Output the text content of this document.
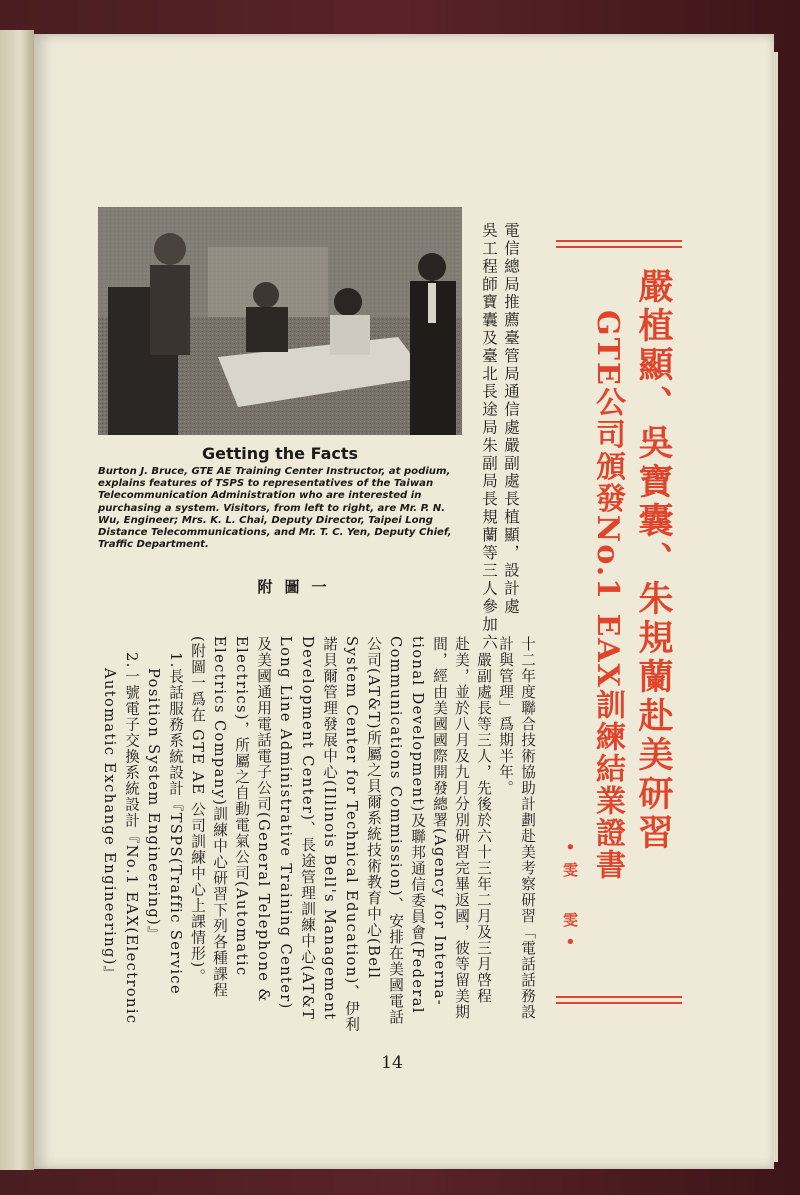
嚴植顯、吳寶囊、朱規蘭赴美研習
GTE公司頒發No.1 EAX訓練結業證書
•雯　雯•
電信總局推薦臺管局通信處嚴副處長植顯，設計處
吳工程師寶囊及臺北長途局朱副局長規蘭等三人參加六
Getting the Facts
Burton J. Bruce, GTE AE Training Center Instructor, at podium, explains features of TSPS to representatives of the Taiwan Telecommunication Administration who are interested in purchasing a system. Visitors, from left to right, are Mr. P. N. Wu, Engineer; Mrs. K. L. Chai, Deputy Director, Taipei Long Distance Telecommunications, and Mr. T. C. Yen, Deputy Chief, Traffic Department.
附圖一
十二年度聯合技術協助計劃赴美考察研習「電話話務設
計與管理」爲期半年。
　嚴副處長等三人，先後於六十三年二月及三月啓程
赴美，並於八月及九月分別研習完畢返國，彼等留美期
間，經由美國國際開發總署(Agency for Interna-
tional Development)及聯邦通信委員會(Federal
Communications Commission)、安排在美國電話
公司(AT&T)所屬之貝爾系統技術教育中心(Bell
System Center for Technical Education)、伊利
諾貝爾管理發展中心(Illinois Bell's Management
Development Center)、長途管理訓練中心(AT&T
Long Line Administrative Training Center)
及美國通用電話電子公司(General Telephone &
Electrics)，所屬之自動電氣公司(Automatic
Electrics Company)訓練中心研習下列各種課程
(附圖一爲在 GTE AE 公司訓練中心上課情形)。
　1.長話服務系統設計『TSPS(Traffic Service
　　Position System Engineering)』
　2.一號電子交換系統設計『No.1 EAX(Electronic
　　Automatic Exchange Engineering)』
14
